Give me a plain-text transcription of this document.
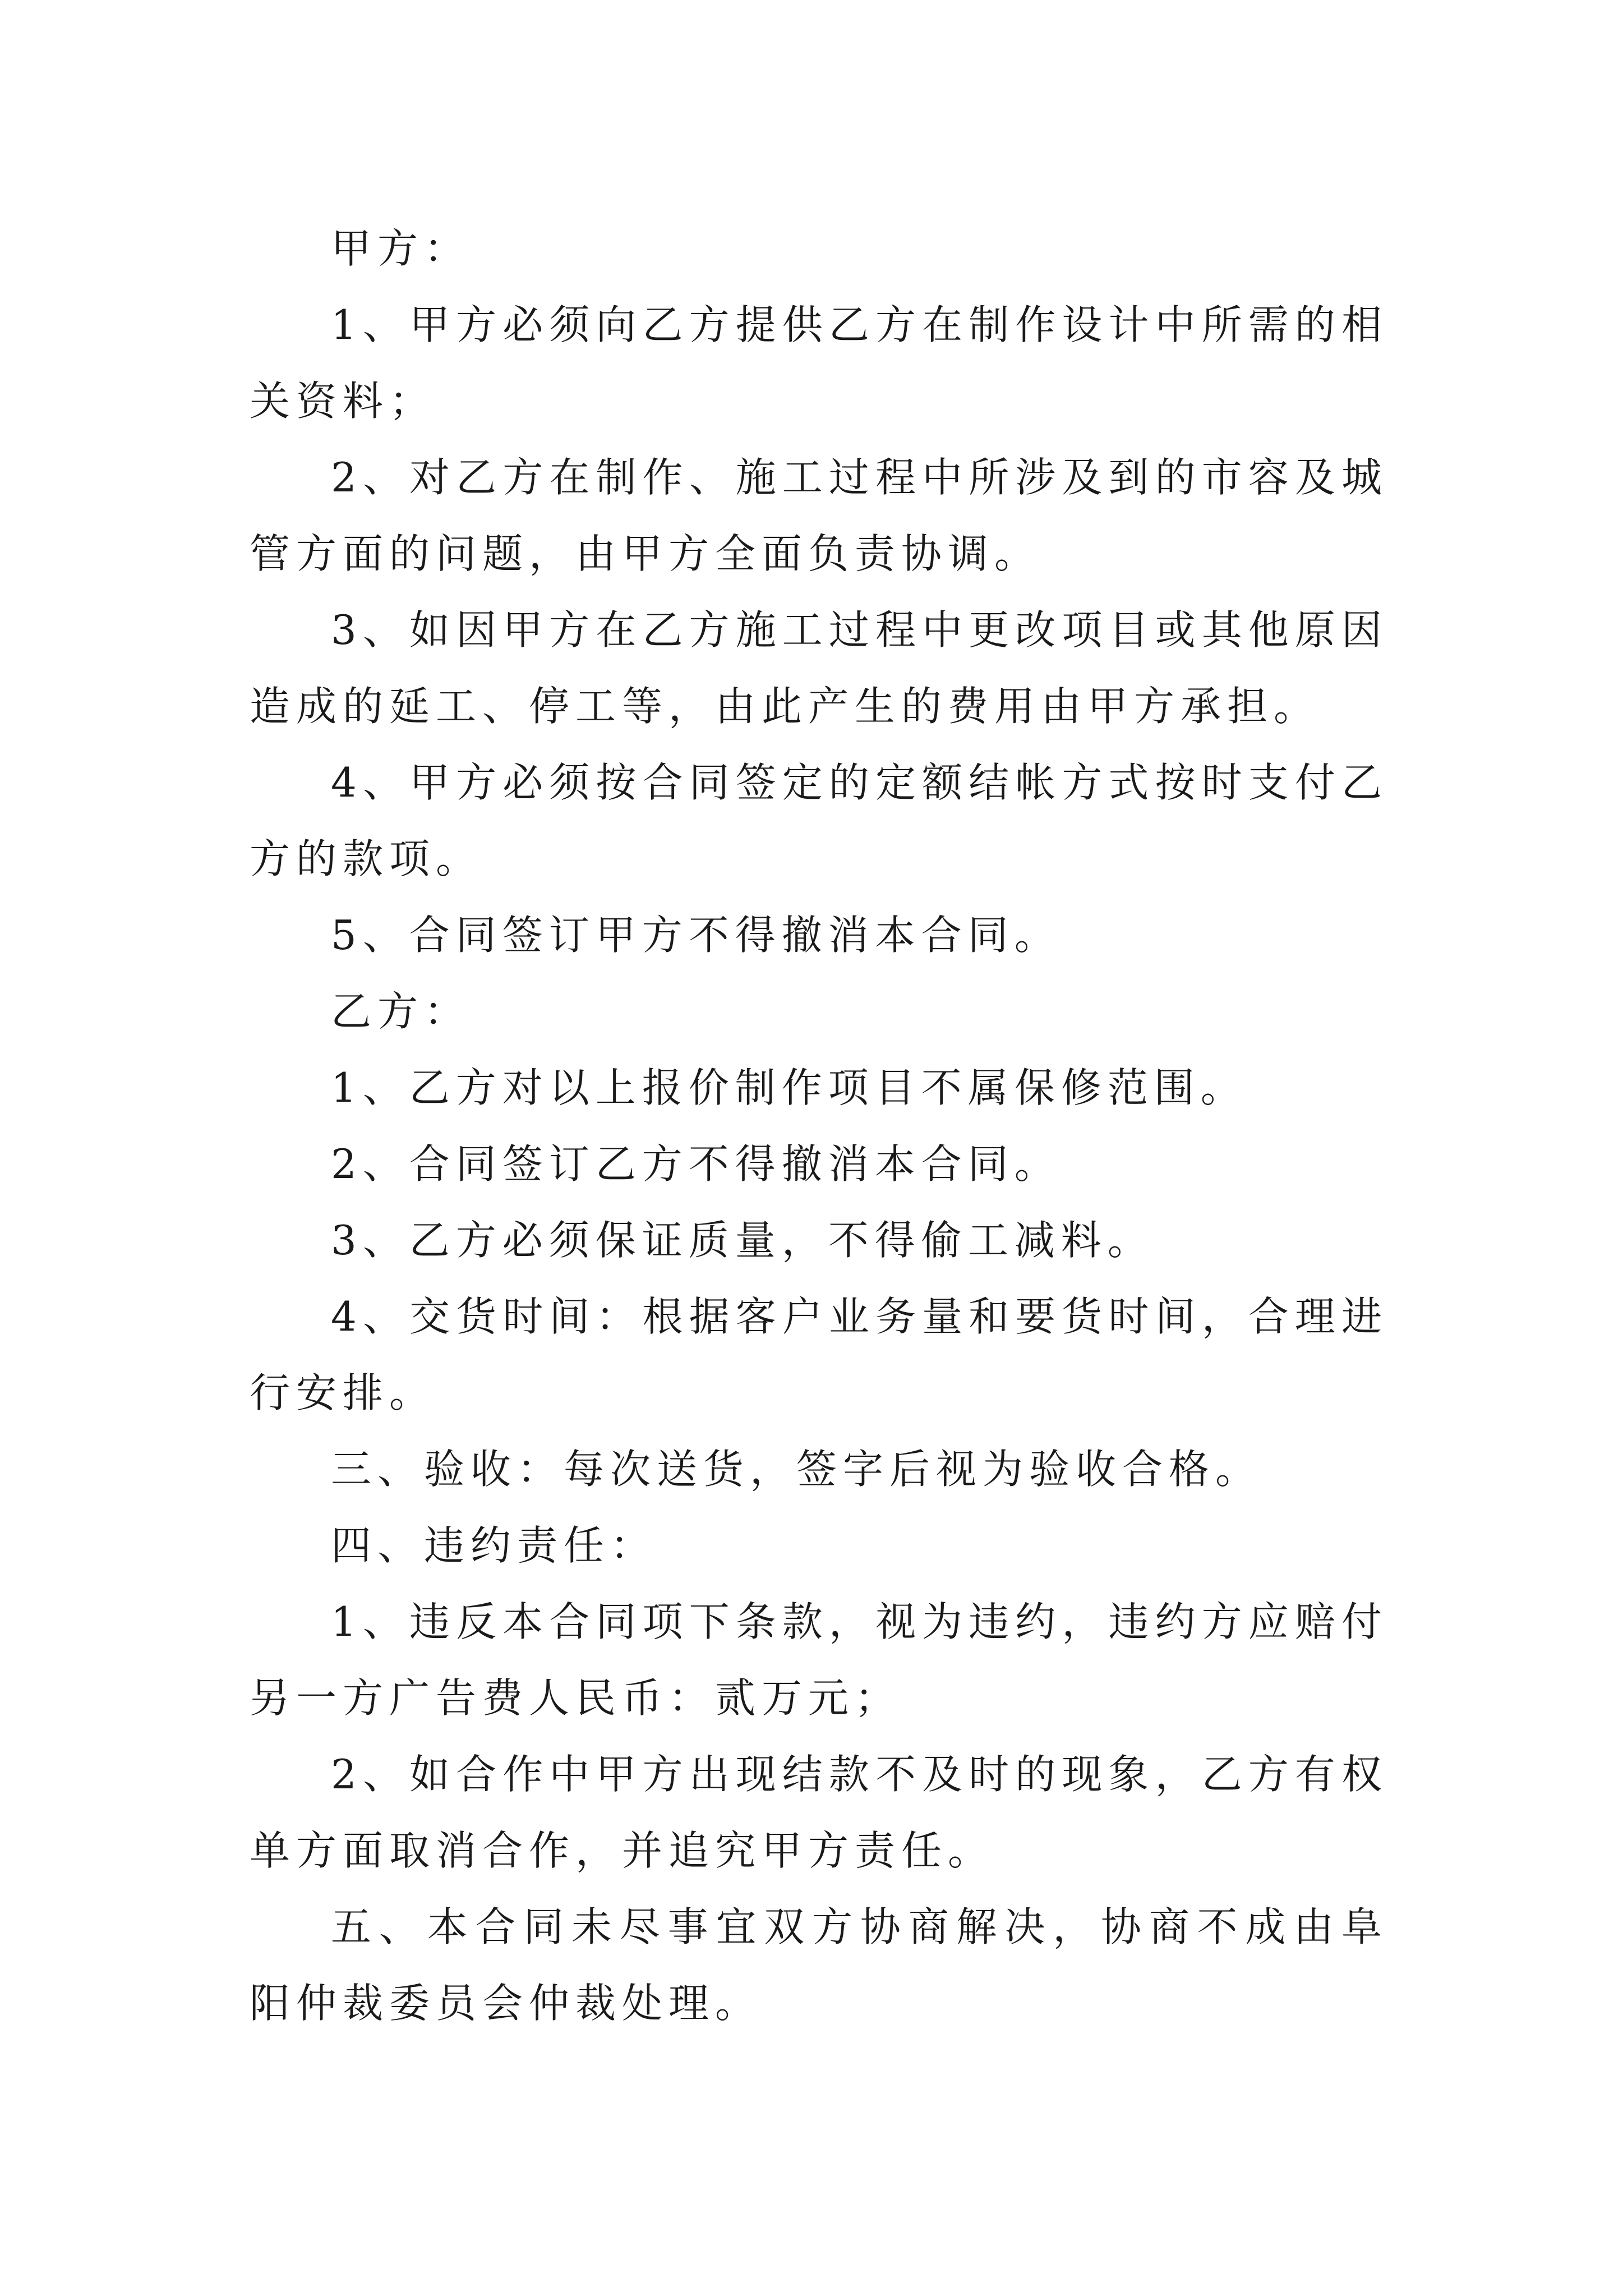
甲方：

1、甲方必须向乙方提供乙方在制作设计中所需的相关资料；

2、对乙方在制作、施工过程中所涉及到的市容及城管方面的问题，由甲方全面负责协调。

3、如因甲方在乙方施工过程中更改项目或其他原因造成的延工、停工等，由此产生的费用由甲方承担。

4、甲方必须按合同签定的定额结帐方式按时支付乙方的款项。

5、合同签订甲方不得撤消本合同。

乙方：

1、乙方对以上报价制作项目不属保修范围。

2、合同签订乙方不得撤消本合同。

3、乙方必须保证质量，不得偷工减料。

4、交货时间：根据客户业务量和要货时间，合理进行安排。

三、验收：每次送货，签字后视为验收合格。

四、违约责任：

1、违反本合同项下条款，视为违约，违约方应赔付另一方广告费人民币：贰万元；

2、如合作中甲方出现结款不及时的现象，乙方有权单方面取消合作，并追究甲方责任。

五、本合同未尽事宜双方协商解决，协商不成由阜阳仲裁委员会仲裁处理。
